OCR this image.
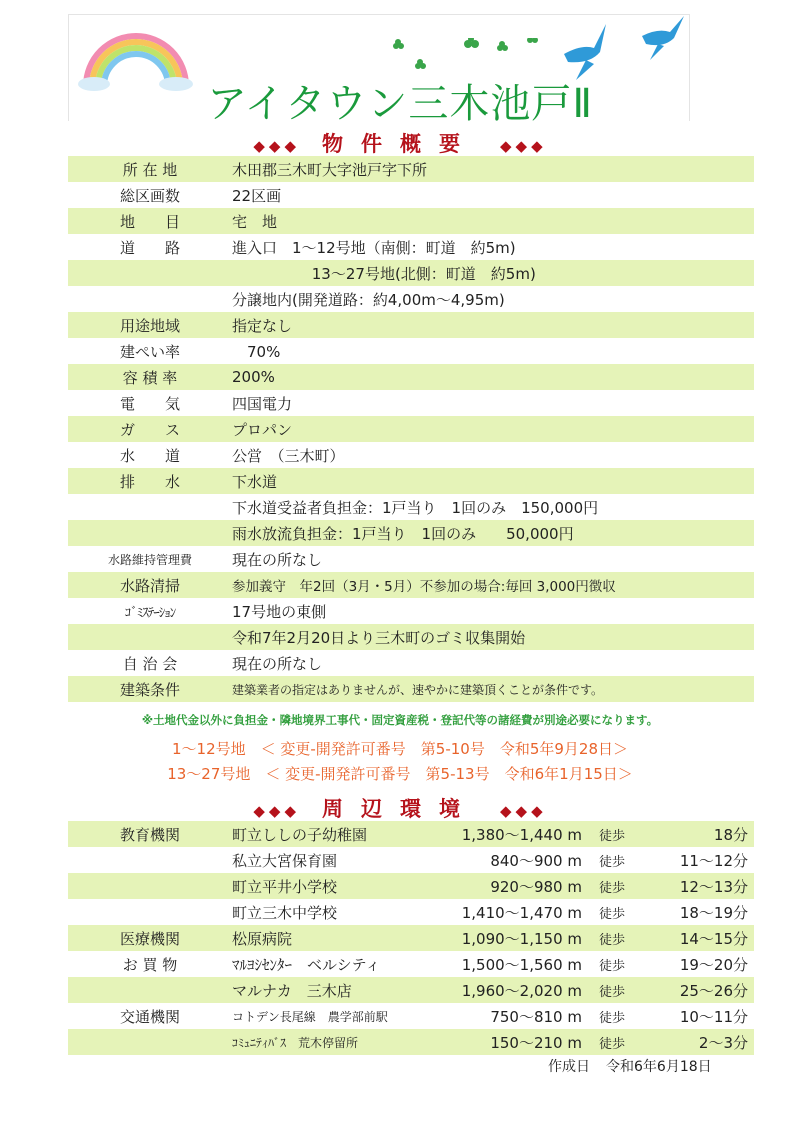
アイタウン三木池戸Ⅱ
◆◆◆ 物件概要 ◆◆◆
所 在 地	木田郡三木町大字池戸字下所
総区画数	22区画
地　　目	宅　地
道　　路	進入口　1～12号地（南側：町道　約5m)
　　　　　 13～27号地(北側：町道　約5m)
分譲地内(開発道路：約4,00m～4,95m)
用途地域	指定なし
建ぺい率	　70%
容 積 率	200%
電　　気	四国電力
ガ　　ス	プロパン
水　　道	公営　（三木町）
排　　水	下水道
下水道受益者負担金：1戸当り　1回のみ　150,000円
雨水放流負担金：1戸当り　1回のみ　　50,000円
水路維持管理費	現在の所なし
水路清掃	参加義守　年2回（3月・5月）不参加の場合:毎回 3,000円徴収
ｺﾞﾐｽﾃｰｼｮﾝ	17号地の東側
令和7年2月20日より三木町のゴミ収集開始
自 治 会	現在の所なし
建築条件	建築業者の指定はありませんが、速やかに建築頂くことが条件です。
※土地代金以外に負担金・隣地境界工事代・固定資産税・登記代等の諸経費が別途必要になります。
1～12号地　＜ 変更-開発許可番号　第5-10号　令和5年9月28日＞
13～27号地　＜ 変更-開発許可番号　第5-13号　令和6年1月15日＞
◆◆◆ 周辺環境 ◆◆◆
教育機関	町立ししの子幼稚園	1,380～1,440 m	徒歩	18分
私立大宮保育園	840～900 m	徒歩	11～12分
町立平井小学校	920～980 m	徒歩	12～13分
町立三木中学校	1,410～1,470 m	徒歩	18～19分
医療機関	松原病院	1,090～1,150 m	徒歩	14～15分
お 買 物	ﾏﾙﾖｼｾﾝﾀｰ　ベルシティ	1,500～1,560 m	徒歩	19～20分
マルナカ　三木店	1,960～2,020 m	徒歩	25～26分
交通機関	コトデン長尾線　農学部前駅	750～810 m	徒歩	10～11分
ｺﾐｭﾆﾃｨﾊﾞｽ　荒木停留所	150～210 m	徒歩	2～3分
作成日 令和6年6月18日
